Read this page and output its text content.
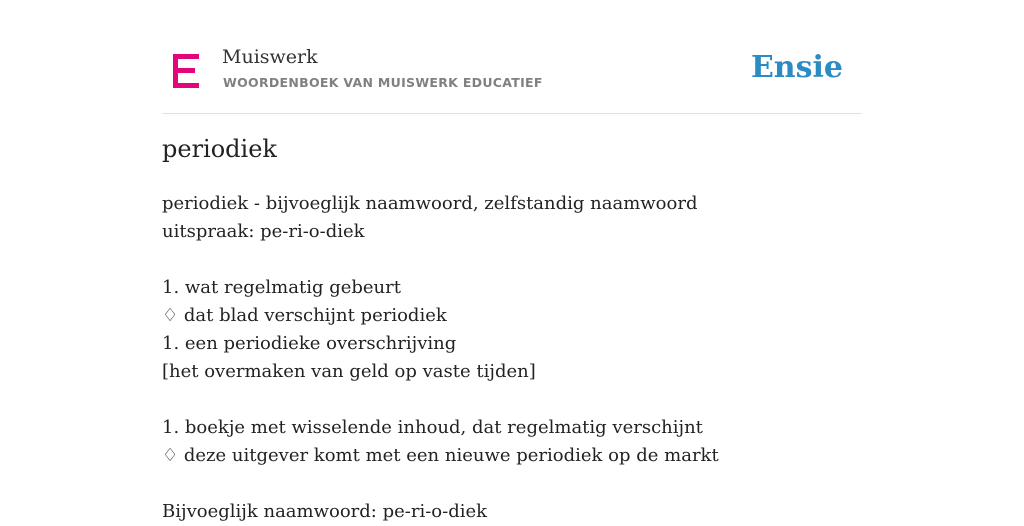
Muiswerk
WOORDENBOEK VAN MUISWERK EDUCATIEF	Ensie
periodiek
periodiek - bijvoeglijk naamwoord, zelfstandig naamwoord
uitspraak: pe-ri-o-diek
1. wat regelmatig gebeurt
♢ dat blad verschijnt periodiek
1. een periodieke overschrijving
[het overmaken van geld op vaste tijden]
1. boekje met wisselende inhoud, dat regelmatig verschijnt
♢ deze uitgever komt met een nieuwe periodiek op de markt
Bijvoeglijk naamwoord: pe-ri-o-diek
